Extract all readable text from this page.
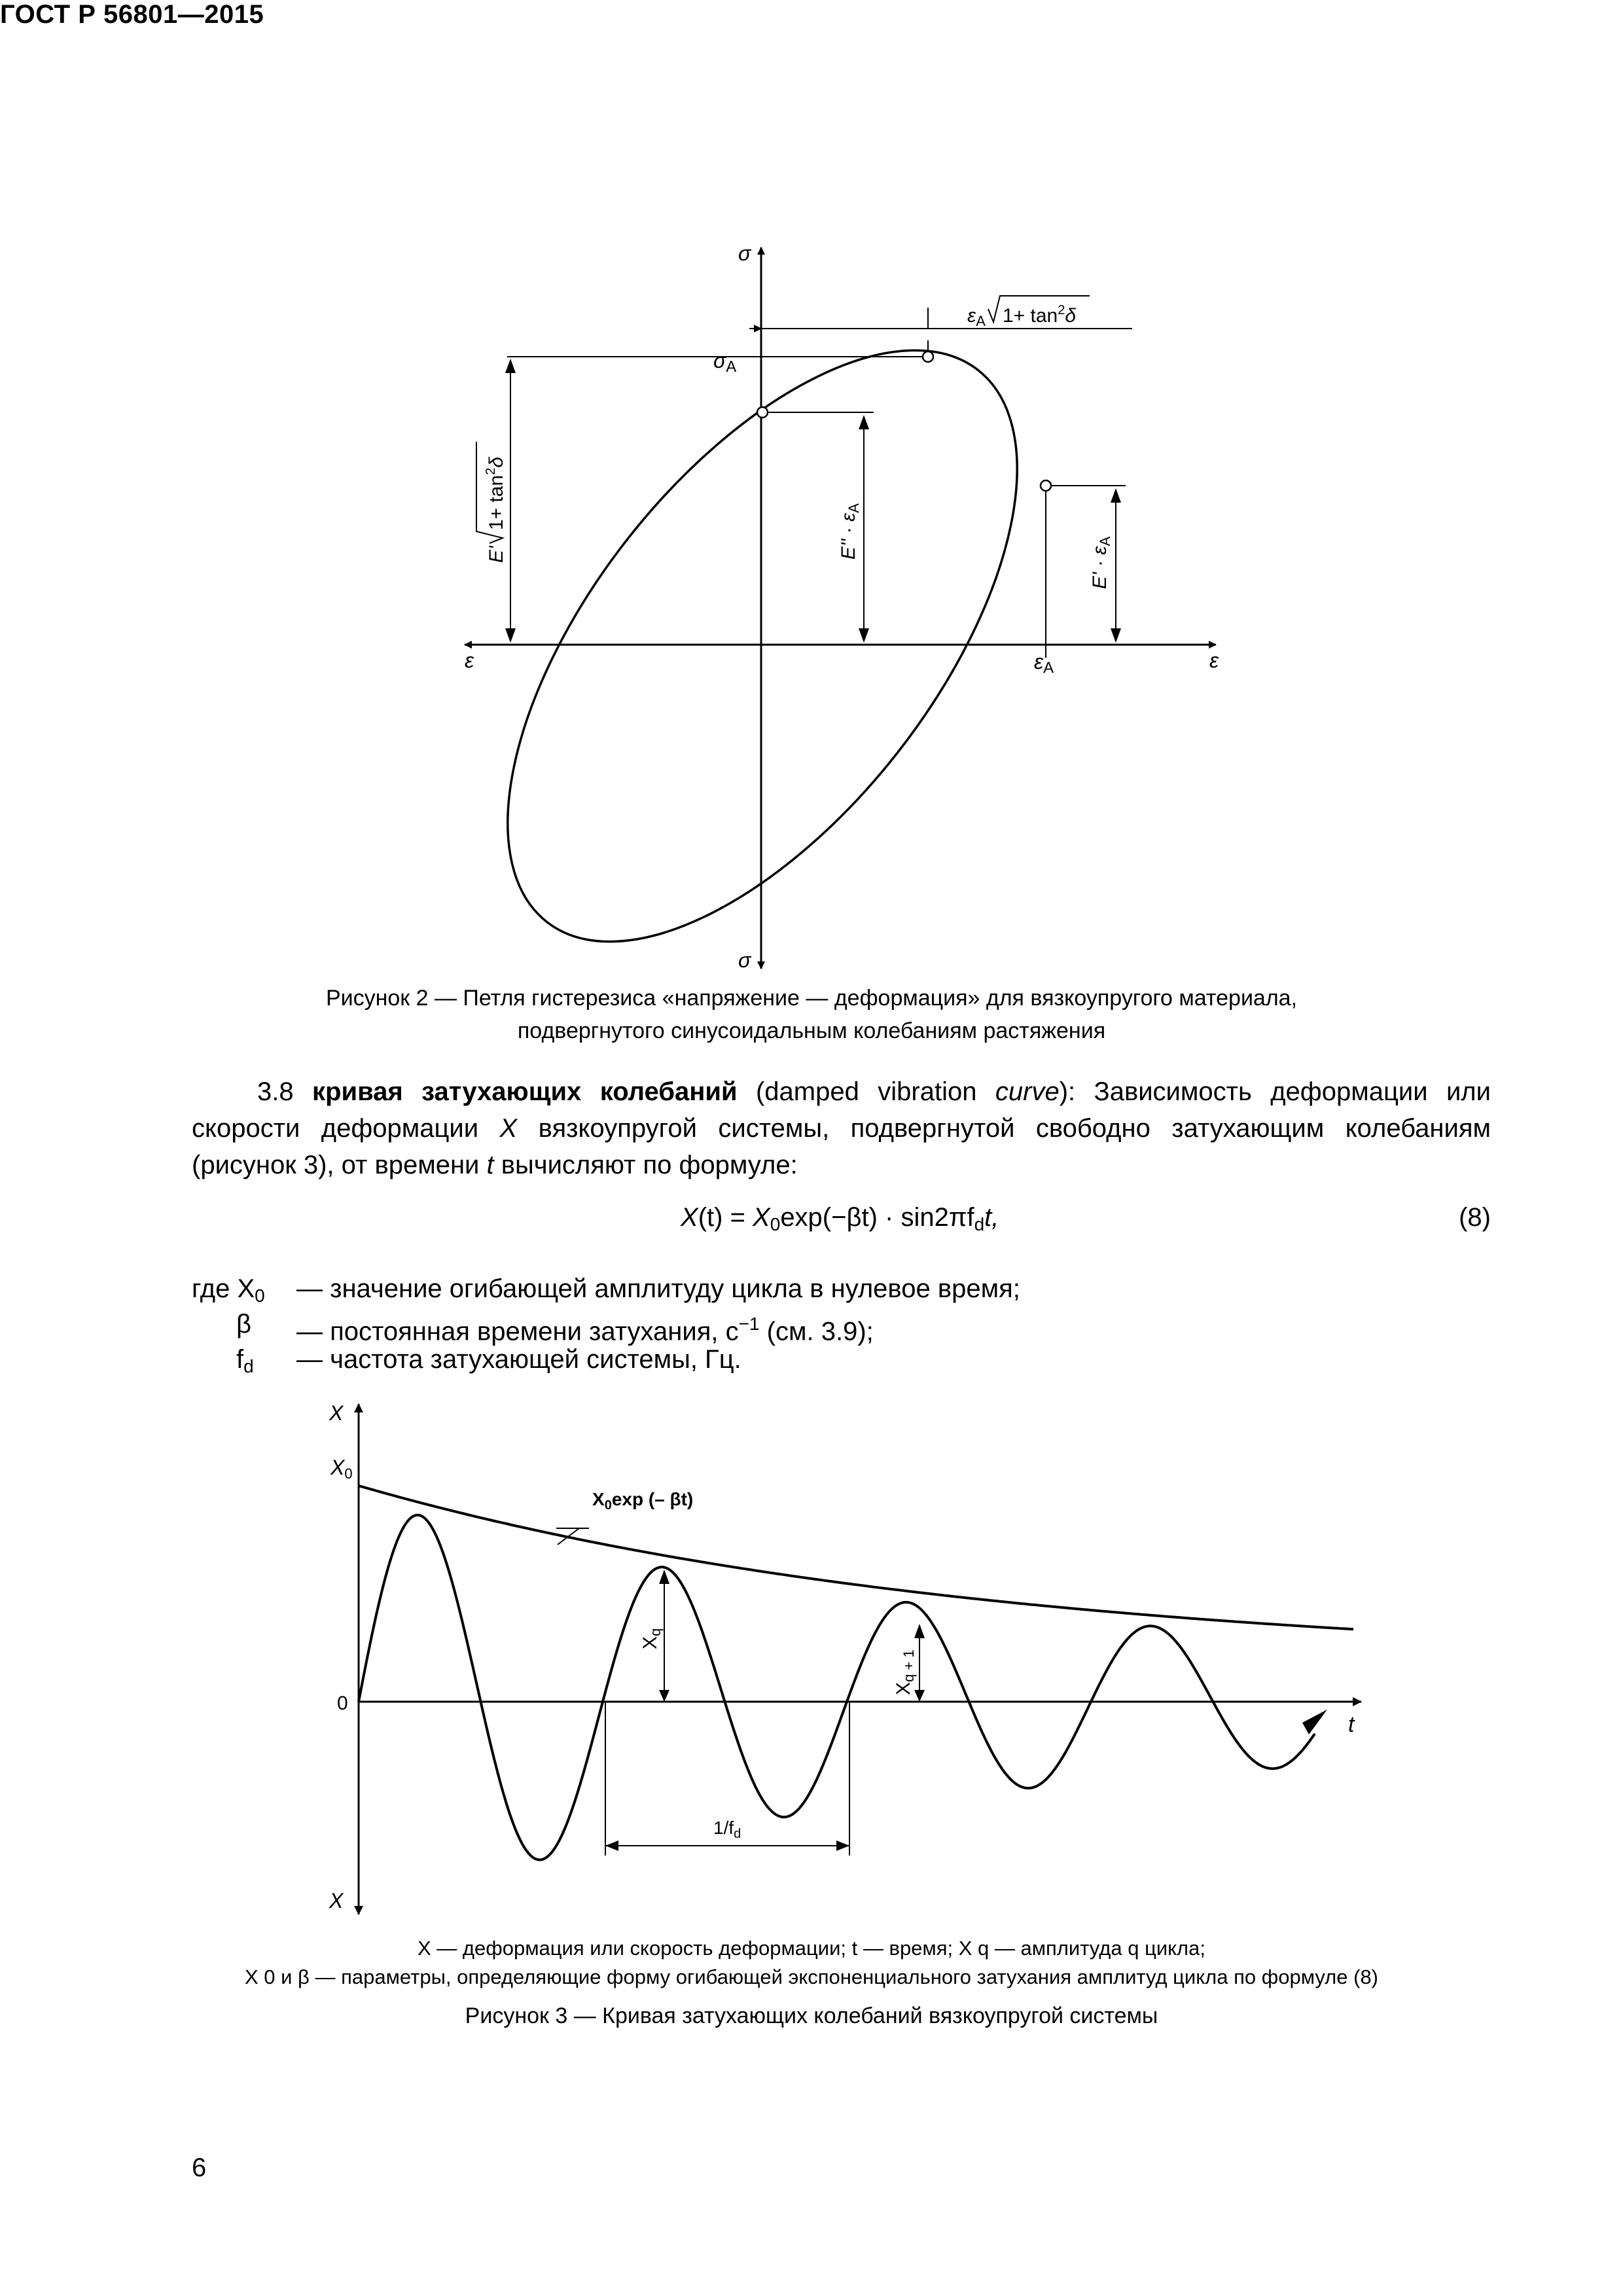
ГОСТ Р 56801—2015
σ
σ
ε	ε
σA
εA
$\varepsilon_A$ $1+ \tan^2\delta$
E'
$1+ \tan^2\delta$
$E'' \cdot \varepsilon_A$
$E' \cdot \varepsilon_A$
Рисунок 2 — Петля гистерезиса «напряжение — деформация» для вязкоупругого материала,
подвергнутого синусоидальным колебаниям растяжения

3.8 кривая затухающих колебаний (damped vibration curve): Зависимость деформации или скорости деформации X вязкоупругой системы, подвергнутой свободно затухающим колебаниям (рисунок 3), от времени t вычисляют по формуле:

$X(t) = X_0\exp(-\beta t) \cdot \sin 2\pi f_dt$,	(8)
где $X_0$	— значение огибающей амплитуду цикла в нулевое время;
β	— постоянная времени затухания, $с^{-1}$ (см. 3.9);
$f_d$	— частота затухающей системы, Гц.
X
X
X0
0
t
$X_0\exp$ (– βt)
$X_q$
$X_{q + 1}$
$1/f_d$
X — деформация или скорость деформации; t — время; X q — амплитуда q цикла;
X 0 и β — параметры, определяющие форму огибающей экспоненциального затухания амплитуд цикла по формуле (8)
Рисунок 3 — Кривая затухающих колебаний вязкоупругой системы
6
